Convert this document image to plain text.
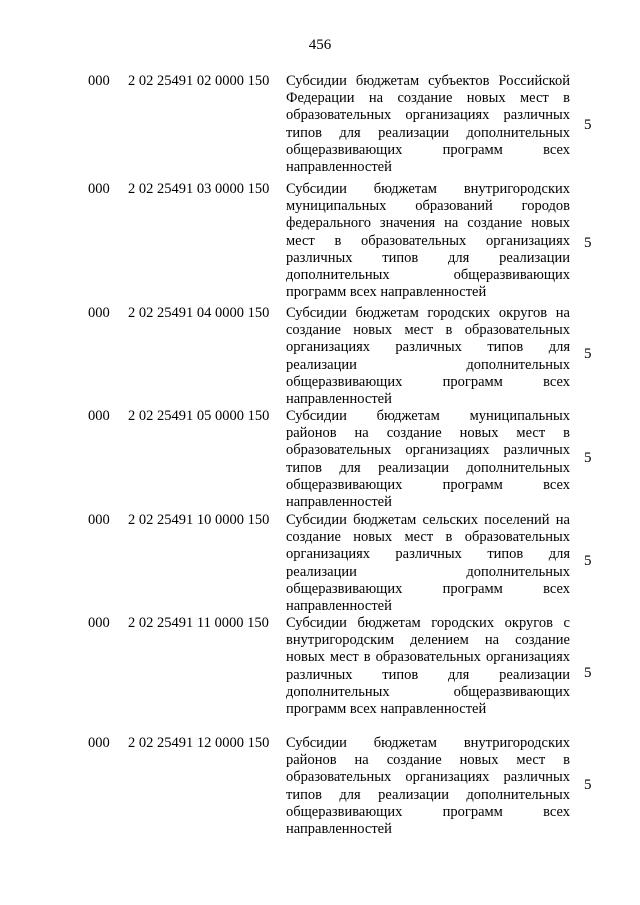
456
000 2 02 25491 02 0000 150 Субсидии бюджетам субъектов Российской Федерации на создание новых мест в образовательных организациях различных типов для реализации дополнительных общеразвивающих программ всех направленностей
5
000 2 02 25491 03 0000 150 Субсидии бюджетам внутригородских муниципальных образований городов федерального значения на создание новых мест в образовательных организациях различных типов для реализации дополнительных общеразвивающих программ всех направленностей
5
000 2 02 25491 04 0000 150 Субсидии бюджетам городских округов на создание новых мест в образовательных организациях различных типов для реализации дополнительных общеразвивающих программ всех направленностей
5
000 2 02 25491 05 0000 150 Субсидии бюджетам муниципальных районов на создание новых мест в образовательных организациях различных типов для реализации дополнительных общеразвивающих программ всех направленностей
5
000 2 02 25491 10 0000 150 Субсидии бюджетам сельских поселений на создание новых мест в образовательных организациях различных типов для реализации дополнительных общеразвивающих программ всех направленностей
5
000 2 02 25491 11 0000 150 Субсидии бюджетам городских округов с внутригородским делением на создание новых мест в образовательных организациях различных типов для реализации дополнительных общеразвивающих программ всех направленностей
5
000 2 02 25491 12 0000 150 Субсидии бюджетам внутригородских районов на создание новых мест в образовательных организациях различных типов для реализации дополнительных общеразвивающих программ всех направленностей
5
